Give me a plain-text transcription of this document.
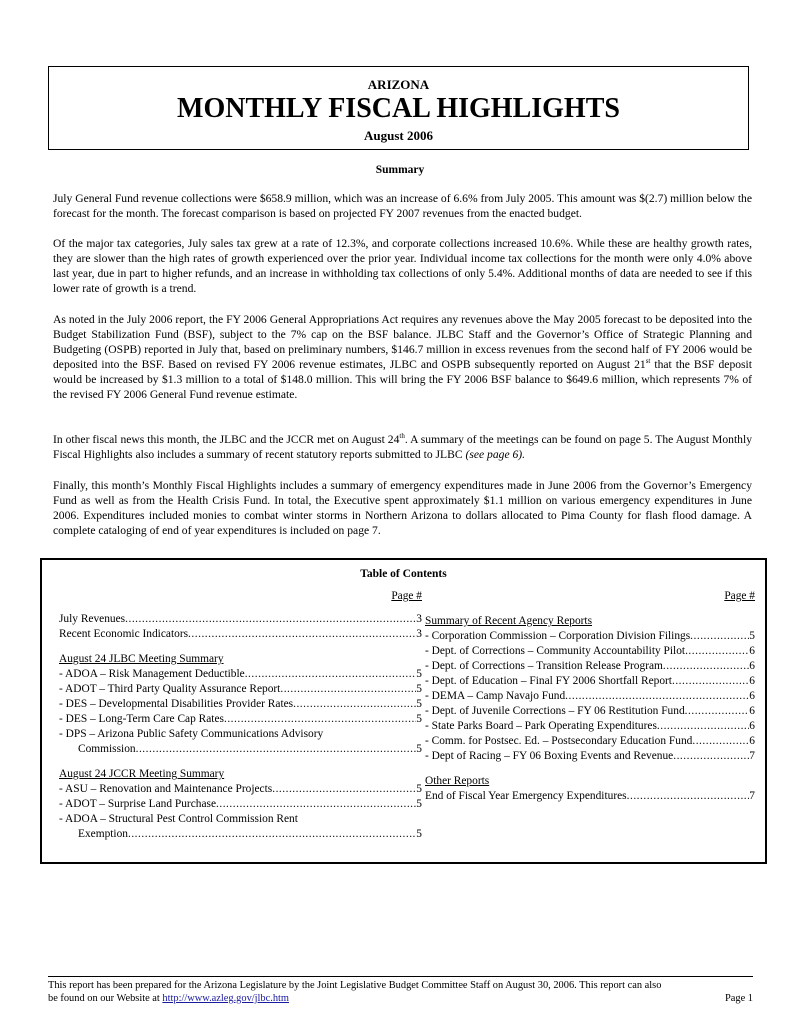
ARIZONA
MONTHLY FISCAL HIGHLIGHTS
August 2006
Summary

July General Fund revenue collections were $658.9 million, which was an increase of 6.6% from July 2005. This amount was $(2.7) million below the forecast for the month. The forecast comparison is based on projected FY 2007 revenues from the enacted budget.

Of the major tax categories, July sales tax grew at a rate of 12.3%, and corporate collections increased 10.6%. While these are healthy growth rates, they are slower than the high rates of growth experienced over the prior year. Individual income tax collections for the month were only 4.0% above last year, due in part to higher refunds, and an increase in withholding tax collections of only 5.4%. Additional months of data are needed to see if this lower rate of growth is a trend.

As noted in the July 2006 report, the FY 2006 General Appropriations Act requires any revenues above the May 2005 forecast to be deposited into the Budget Stabilization Fund (BSF), subject to the 7% cap on the BSF balance. JLBC Staff and the Governor’s Office of Strategic Planning and Budgeting (OSPB) reported in July that, based on preliminary numbers, $146.7 million in excess revenues from the second half of FY 2006 would be deposited into the BSF. Based on revised FY 2006 revenue estimates, JLBC and OSPB subsequently reported on August 21st that the BSF deposit would be increased by $1.3 million to a total of $148.0 million. This will bring the FY 2006 BSF balance to $649.6 million, which represents 7% of the revised FY 2006 General Fund revenue estimate.

In other fiscal news this month, the JLBC and the JCCR met on August 24th. A summary of the meetings can be found on page 5. The August Monthly Fiscal Highlights also includes a summary of recent statutory reports submitted to JLBC (see page 6).

Finally, this month’s Monthly Fiscal Highlights includes a summary of emergency expenditures made in June 2006 from the Governor’s Emergency Fund as well as from the Health Crisis Fund. In total, the Executive spent approximately $1.1 million on various emergency expenditures in June 2006. Expenditures included monies to combat winter storms in Northern Arizona to dollars allocated to Pima County for flash flood damage. A complete cataloging of end of year expenditures is included on page 7.

Table of Contents
Page #
July Revenues .....	3
Recent Economic Indicators .....	3
August 24 JLBC Meeting Summary
- ADOA – Risk Management Deductible .....	5
- ADOT – Third Party Quality Assurance Report .....	5
- DES – Developmental Disabilities Provider Rates .....	5
- DES – Long-Term Care Cap Rates .....	5
- DPS – Arizona Public Safety Communications Advisory
Commission .....	5
August 24 JCCR Meeting Summary
- ASU – Renovation and Maintenance Projects .....	5
- ADOT – Surprise Land Purchase .....	5
- ADOA – Structural Pest Control Commission Rent
Exemption .....	5
Page #
Summary of Recent Agency Reports
- Corporation Commission – Corporation Division Filings .....	5
- Dept. of Corrections – Community Accountability Pilot .....	6
- Dept. of Corrections – Transition Release Program .....	6
- Dept. of Education – Final FY 2006 Shortfall Report .....	6
- DEMA – Camp Navajo Fund .....	6
- Dept. of Juvenile Corrections – FY 06 Restitution Fund .....	6
- State Parks Board – Park Operating Expenditures .....	6
- Comm. for Postsec. Ed. – Postsecondary Education Fund .....	6
- Dept of Racing – FY 06 Boxing Events and Revenue .....	7
Other Reports
End of Fiscal Year Emergency Expenditures .....	7
This report has been prepared for the Arizona Legislature by the Joint Legislative Budget Committee Staff on August 30, 2006. This report can also
be found on our Website at http://www.azleg.gov/jlbc.htm	Page 1
